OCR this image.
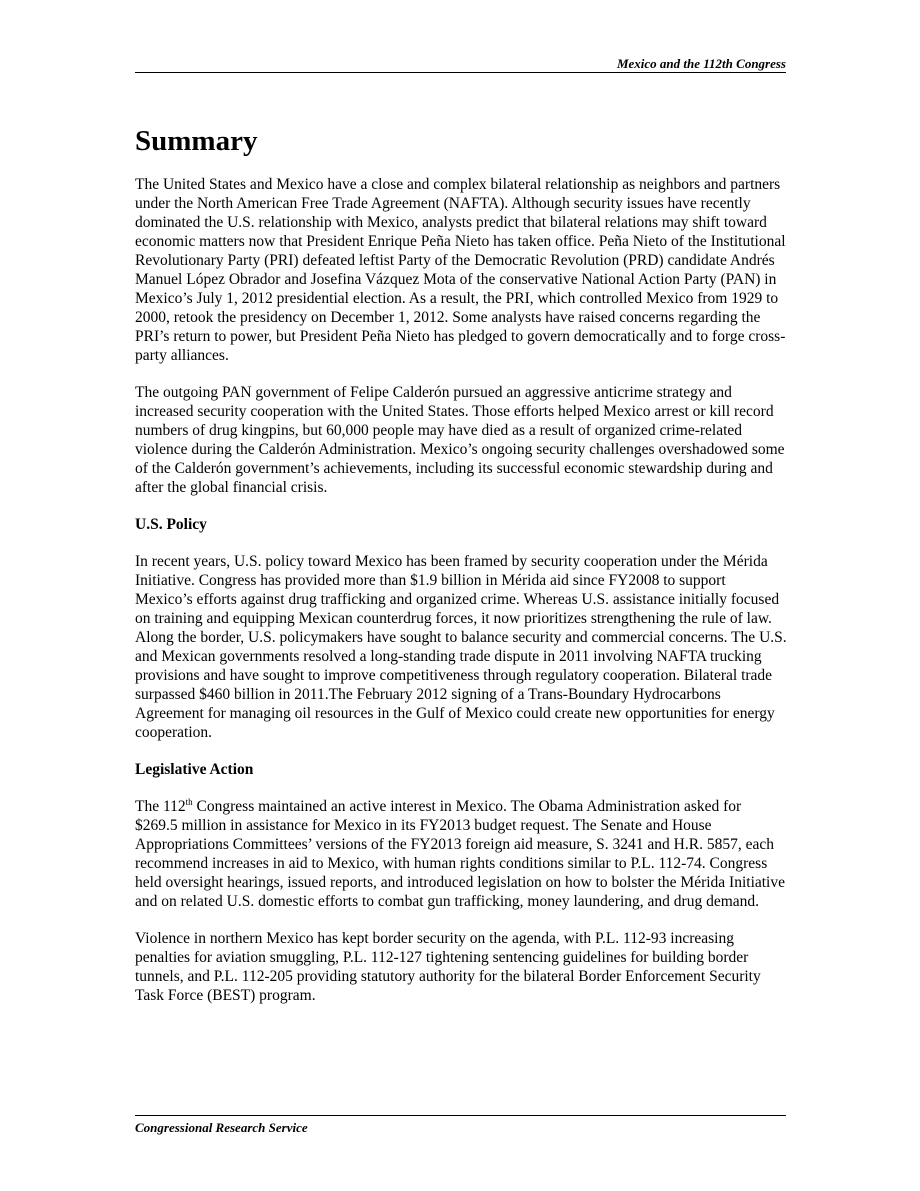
Mexico and the 112th Congress
Summary

The United States and Mexico have a close and complex bilateral relationship as neighbors and partners under the North American Free Trade Agreement (NAFTA). Although security issues have recently dominated the U.S. relationship with Mexico, analysts predict that bilateral relations may shift toward economic matters now that President Enrique Peña Nieto has taken office. Peña Nieto of the Institutional Revolutionary Party (PRI) defeated leftist Party of the Democratic Revolution (PRD) candidate Andrés Manuel López Obrador and Josefina Vázquez Mota of the conservative National Action Party (PAN) in Mexico’s July 1, 2012 presidential election. As a result, the PRI, which controlled Mexico from 1929 to 2000, retook the presidency on December 1, 2012. Some analysts have raised concerns regarding the PRI’s return to power, but President Peña Nieto has pledged to govern democratically and to forge cross-party alliances.

The outgoing PAN government of Felipe Calderón pursued an aggressive anticrime strategy and increased security cooperation with the United States. Those efforts helped Mexico arrest or kill record numbers of drug kingpins, but 60,000 people may have died as a result of organized crime-related violence during the Calderón Administration. Mexico’s ongoing security challenges overshadowed some of the Calderón government’s achievements, including its successful economic stewardship during and after the global financial crisis.

U.S. Policy

In recent years, U.S. policy toward Mexico has been framed by security cooperation under the Mérida Initiative. Congress has provided more than $1.9 billion in Mérida aid since FY2008 to support Mexico’s efforts against drug trafficking and organized crime. Whereas U.S. assistance initially focused on training and equipping Mexican counterdrug forces, it now prioritizes strengthening the rule of law. Along the border, U.S. policymakers have sought to balance security and commercial concerns. The U.S. and Mexican governments resolved a long-standing trade dispute in 2011 involving NAFTA trucking provisions and have sought to improve competitiveness through regulatory cooperation. Bilateral trade surpassed $460 billion in 2011.The February 2012 signing of a Trans-Boundary Hydrocarbons Agreement for managing oil resources in the Gulf of Mexico could create new opportunities for energy cooperation.

Legislative Action

The 112th Congress maintained an active interest in Mexico. The Obama Administration asked for $269.5 million in assistance for Mexico in its FY2013 budget request. The Senate and House Appropriations Committees’ versions of the FY2013 foreign aid measure, S. 3241 and H.R. 5857, each recommend increases in aid to Mexico, with human rights conditions similar to P.L. 112-74. Congress held oversight hearings, issued reports, and introduced legislation on how to bolster the Mérida Initiative and on related U.S. domestic efforts to combat gun trafficking, money laundering, and drug demand.

Violence in northern Mexico has kept border security on the agenda, with P.L. 112-93 increasing penalties for aviation smuggling, P.L. 112-127 tightening sentencing guidelines for building border tunnels, and P.L. 112-205 providing statutory authority for the bilateral Border Enforcement Security Task Force (BEST) program.

Congressional Research Service
